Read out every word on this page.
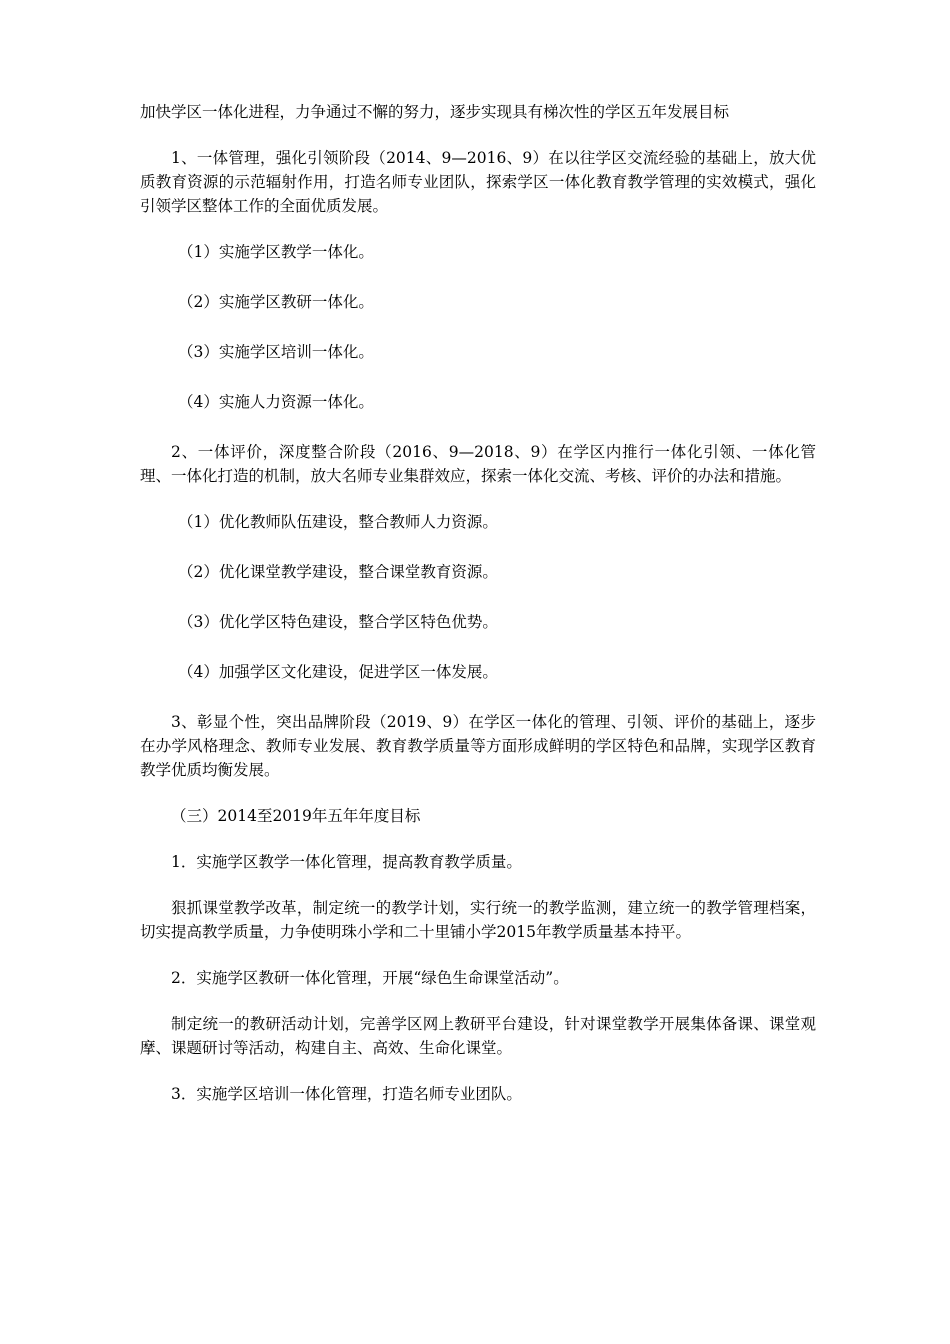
加快学区一体化进程，力争通过不懈的努力，逐步实现具有梯次性的学区五年发展目标

1、一体管理，强化引领阶段（2014、9—2016、9）在以往学区交流经验的基础上，放大优质教育资源的示范辐射作用，打造名师专业团队，探索学区一体化教育教学管理的实效模式，强化引领学区整体工作的全面优质发展。

（1）实施学区教学一体化。

（2）实施学区教研一体化。

（3）实施学区培训一体化。

（4）实施人力资源一体化。

2、一体评价，深度整合阶段（2016、9—2018、9）在学区内推行一体化引领、一体化管理、一体化打造的机制，放大名师专业集群效应，探索一体化交流、考核、评价的办法和措施。

（1）优化教师队伍建设，整合教师人力资源。

（2）优化课堂教学建设，整合课堂教育资源。

（3）优化学区特色建设，整合学区特色优势。

（4）加强学区文化建设，促进学区一体发展。

3、彰显个性，突出品牌阶段（2019、9）在学区一体化的管理、引领、评价的基础上，逐步在办学风格理念、教师专业发展、教育教学质量等方面形成鲜明的学区特色和品牌，实现学区教育教学优质均衡发展。

（三）2014至2019年五年年度目标

1．实施学区教学一体化管理，提高教育教学质量。

狠抓课堂教学改革，制定统一的教学计划，实行统一的教学监测，建立统一的教学管理档案，切实提高教学质量，力争使明珠小学和二十里铺小学2015年教学质量基本持平。

2．实施学区教研一体化管理，开展“绿色生命课堂活动”。

制定统一的教研活动计划，完善学区网上教研平台建设，针对课堂教学开展集体备课、课堂观摩、课题研讨等活动，构建自主、高效、生命化课堂。

3．实施学区培训一体化管理，打造名师专业团队。
